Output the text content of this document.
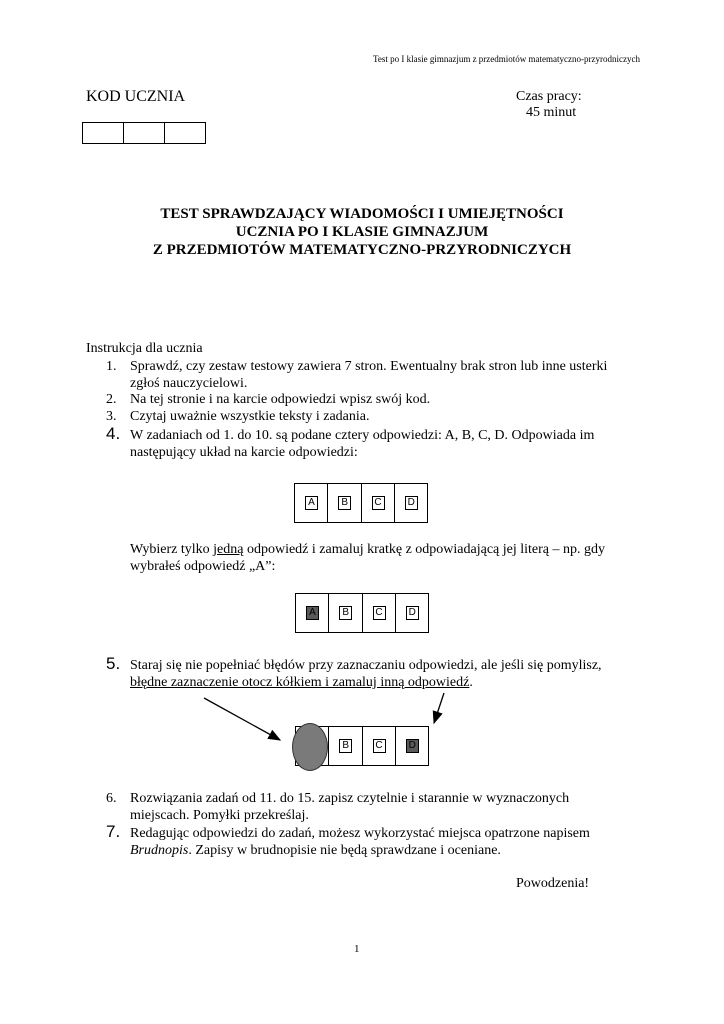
Test po I klasie gimnazjum z przedmiotów matematyczno-przyrodniczych
KOD UCZNIA	Czas pracy:
45 minut
TEST SPRAWDZAJĄCY WIADOMOŚCI I UMIEJĘTNOŚCI
UCZNIA PO I KLASIE GIMNAZJUM
Z PRZEDMIOTÓW MATEMATYCZNO-PRZYRODNICZYCH
Instrukcja dla ucznia
1. Sprawdź, czy zestaw testowy zawiera 7 stron. Ewentualny brak stron lub inne usterki zgłoś nauczycielowi.
2. Na tej stronie i na karcie odpowiedzi wpisz swój kod.
3. Czytaj uważnie wszystkie teksty i zadania.
4. W zadaniach od 1. do 10. są podane cztery odpowiedzi: A, B, C, D. Odpowiada im następujący układ na karcie odpowiedzi:
A	B	C	D
Wybierz tylko jedną odpowiedź i zamaluj kratkę z odpowiadającą jej literą – np. gdy wybrałeś odpowiedź „A”:
A	B	C	D
5. Staraj się nie popełniać błędów przy zaznaczaniu odpowiedzi, ale jeśli się pomylisz, błędne zaznaczenie otocz kółkiem i zamaluj inną odpowiedź.
B	C	D
6. Rozwiązania zadań od 11. do 15. zapisz czytelnie i starannie w wyznaczonych miejscach. Pomyłki przekreślaj.
7. Redagując odpowiedzi do zadań, możesz wykorzystać miejsca opatrzone napisem Brudnopis. Zapisy w brudnopisie nie będą sprawdzane i oceniane.
Powodzenia!
1
